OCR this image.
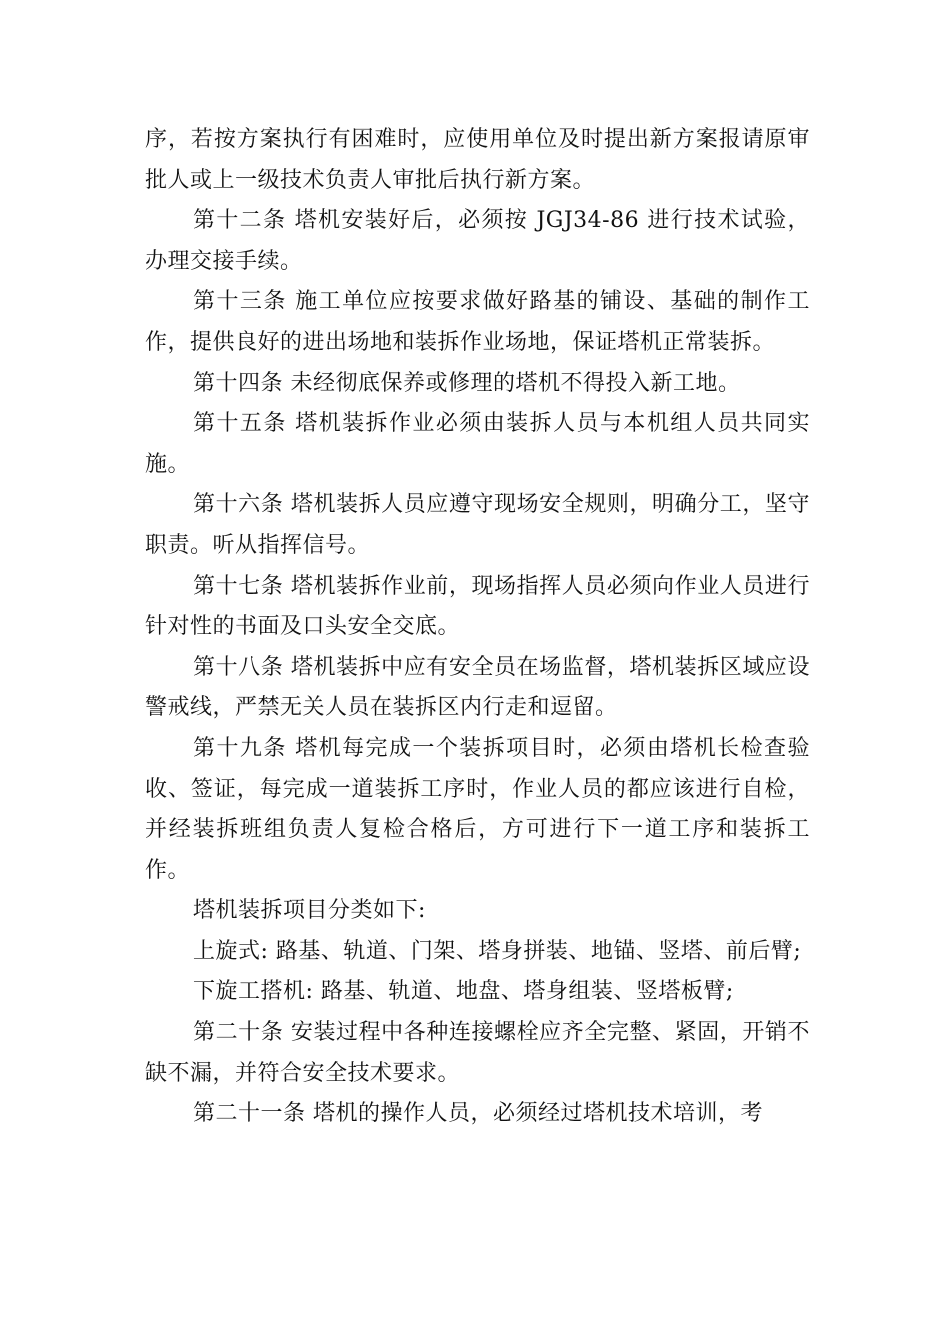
序，若按方案执行有困难时，应使用单位及时提出新方案报请原审批人或上一级技术负责人审批后执行新方案。

第十二条 塔机安装好后，必须按 JGJ34-86 进行技术试验，办理交接手续。

第十三条 施工单位应按要求做好路基的铺设、基础的制作工作，提供良好的进出场地和装拆作业场地，保证塔机正常装拆。

第十四条 未经彻底保养或修理的塔机不得投入新工地。

第十五条 塔机装拆作业必须由装拆人员与本机组人员共同实施。

第十六条 塔机装拆人员应遵守现场安全规则，明确分工，坚守职责。听从指挥信号。

第十七条 塔机装拆作业前，现场指挥人员必须向作业人员进行针对性的书面及口头安全交底。

第十八条 塔机装拆中应有安全员在场监督，塔机装拆区域应设警戒线，严禁无关人员在装拆区内行走和逗留。

第十九条 塔机每完成一个装拆项目时，必须由塔机长检查验收、签证，每完成一道装拆工序时，作业人员的都应该进行自检，并经装拆班组负责人复检合格后，方可进行下一道工序和装拆工作。

塔机装拆项目分类如下:

上旋式: 路基、轨道、门架、塔身拼装、地锚、竖塔、前后臂;

下旋工搭机: 路基、轨道、地盘、塔身组装、竖塔板臂;

第二十条 安装过程中各种连接螺栓应齐全完整、紧固，开销不缺不漏，并符合安全技术要求。

第二十一条 塔机的操作人员，必须经过塔机技术培训，考
